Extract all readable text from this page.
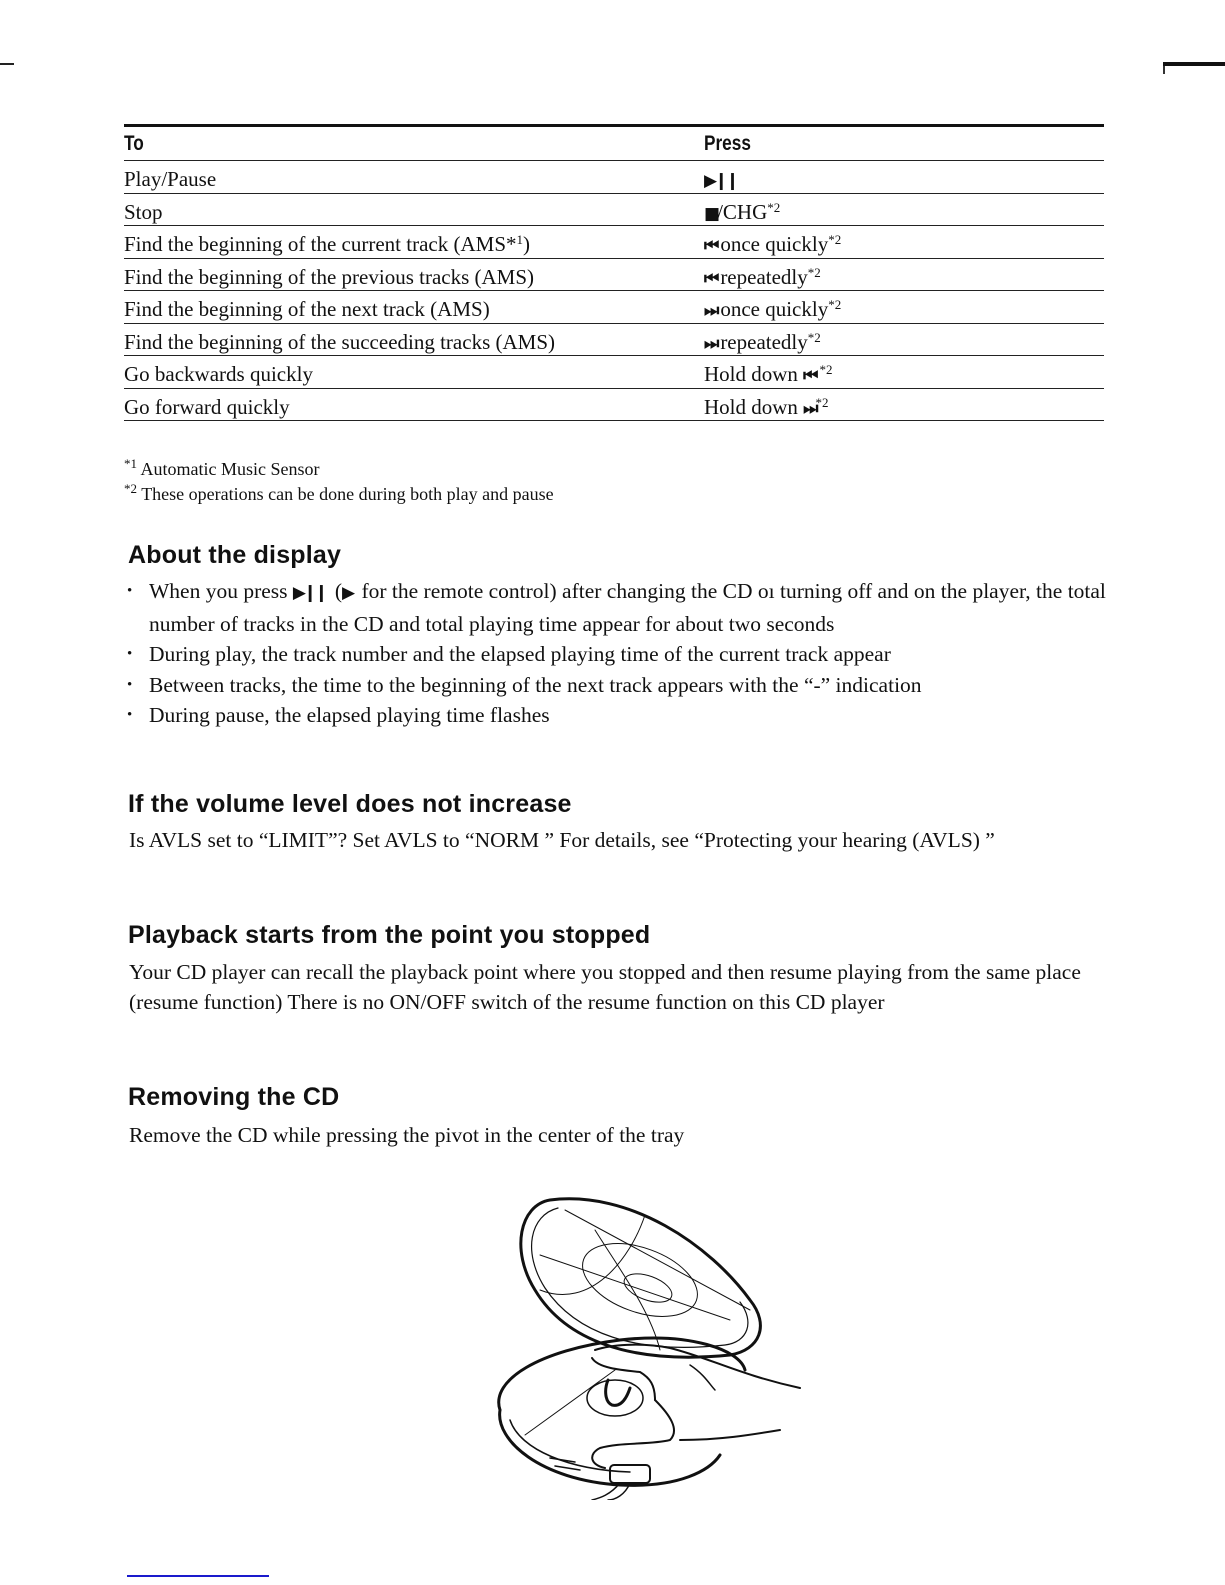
To	Press
Play/Pause	▶❙❙
Stop	■/CHG$^{*2}$
Find the beginning of the current track (AMS*$^1$)	⏮ once quickly$^{*2}$
Find the beginning of the previous tracks (AMS)	⏮ repeatedly$^{*2}$
Find the beginning of the next track (AMS)	⏭ once quickly$^{*2}$
Find the beginning of the succeeding tracks (AMS)	⏭ repeatedly$^{*2}$
Go backwards quickly	Hold down ⏮ $^{*2}$
Go forward quickly	Hold down ⏭$^{*2}$
$^{*1}$ Automatic Music Sensor
$^{*2}$ These operations can be done during both play and pause
About the display
• When you press ▶❙❙ (▶ for the remote control) after changing the CD oı turning off and on the player, the total number of tracks in the CD and total playing time appear for about two seconds
• During play, the track number and the elapsed playing time of the current track appear
• Between tracks, the time to the beginning of the next track appears with the “-” indication
• During pause, the elapsed playing time flashes
If the volume level does not increase
Is AVLS set to “LIMIT”? Set AVLS to “NORM ” For details, see “Protecting your hearing (AVLS) ”
Playback starts from the point you stopped
Your CD player can recall the playback point where you stopped and then resume playing from the same place (resume function) There is no ON/OFF switch of the resume function on this CD player
Removing the CD
Remove the CD while pressing the pivot in the center of the tray
